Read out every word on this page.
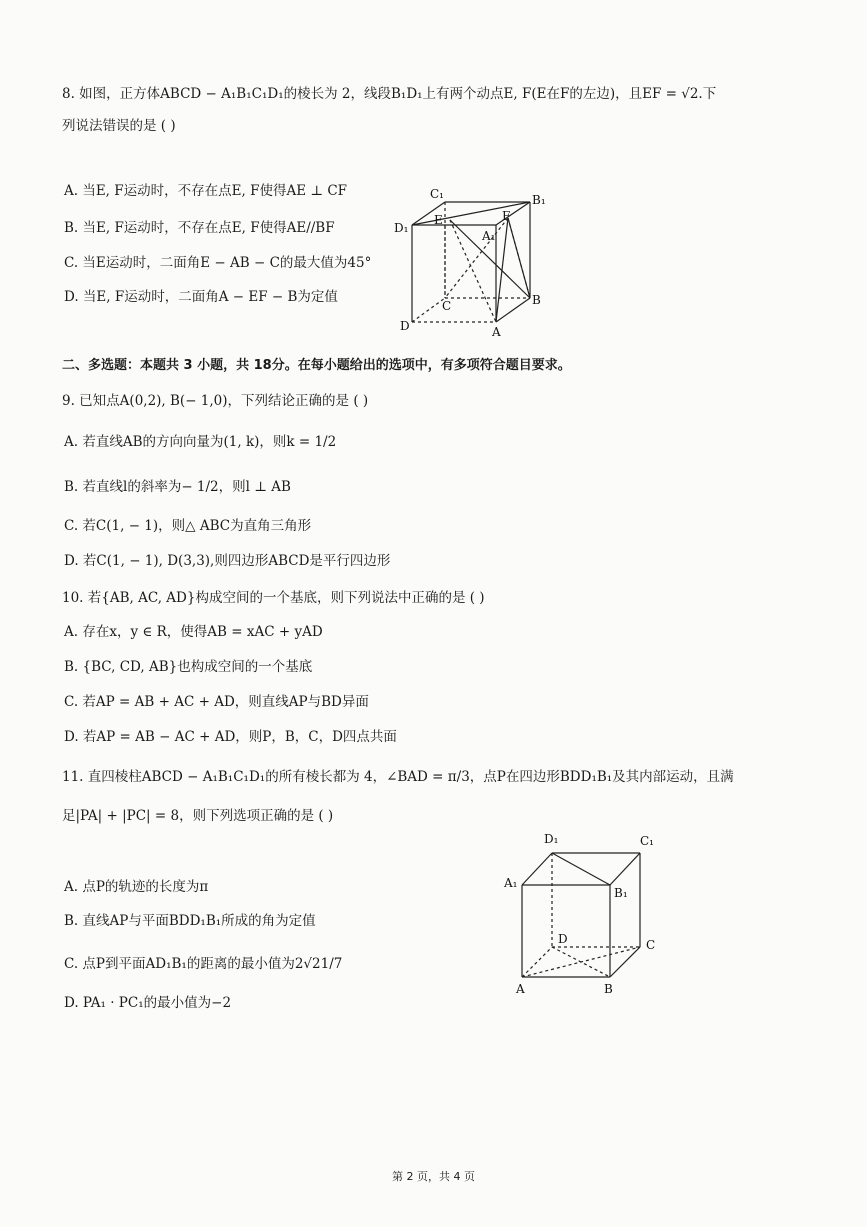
8. 如图，正方体ABCD − A₁B₁C₁D₁的棱长为 2，线段B₁D₁上有两个动点E, F(E在F的左边)，且EF = √2.下
列说法错误的是 ( )
A. 当E, F运动时，不存在点E, F使得AE ⊥ CF
B. 当E, F运动时，不存在点E, F使得AE//BF
C. 当E运动时，二面角E − AB − C的最大值为45°
D. 当E, F运动时，二面角A − EF − B为定值
C₁	B₁
D₁
E	F
A₁
C	B
D	A
二、多选题：本题共 3 小题，共 18分。在每小题给出的选项中，有多项符合题目要求。
9. 已知点A(0,2), B(− 1,0)，下列结论正确的是 ( )
A. 若直线AB的方向向量为(1, k)，则k = 1/2
B. 若直线l的斜率为− 1/2，则l ⊥ AB
C. 若C(1, − 1)，则△ ABC为直角三角形
D. 若C(1, − 1), D(3,3),则四边形ABCD是平行四边形
10. 若{AB, AC, AD}构成空间的一个基底，则下列说法中正确的是 ( )
A. 存在x，y ∈ R，使得AB = xAC + yAD
B. {BC, CD, AB}也构成空间的一个基底
C. 若AP = AB + AC + AD，则直线AP与BD异面
D. 若AP = AB − AC + AD，则P，B，C，D四点共面
11. 直四棱柱ABCD − A₁B₁C₁D₁的所有棱长都为 4，∠BAD = π/3，点P在四边形BDD₁B₁及其内部运动，且满
足|PA| + |PC| = 8，则下列选项正确的是 ( )
A. 点P的轨迹的长度为π
B. 直线AP与平面BDD₁B₁所成的角为定值
C. 点P到平面AD₁B₁的距离的最小值为2√21/7
D. PA₁ · PC₁的最小值为−2
D₁	C₁
A₁
B₁
D	C
A	B
第 2 页，共 4 页
